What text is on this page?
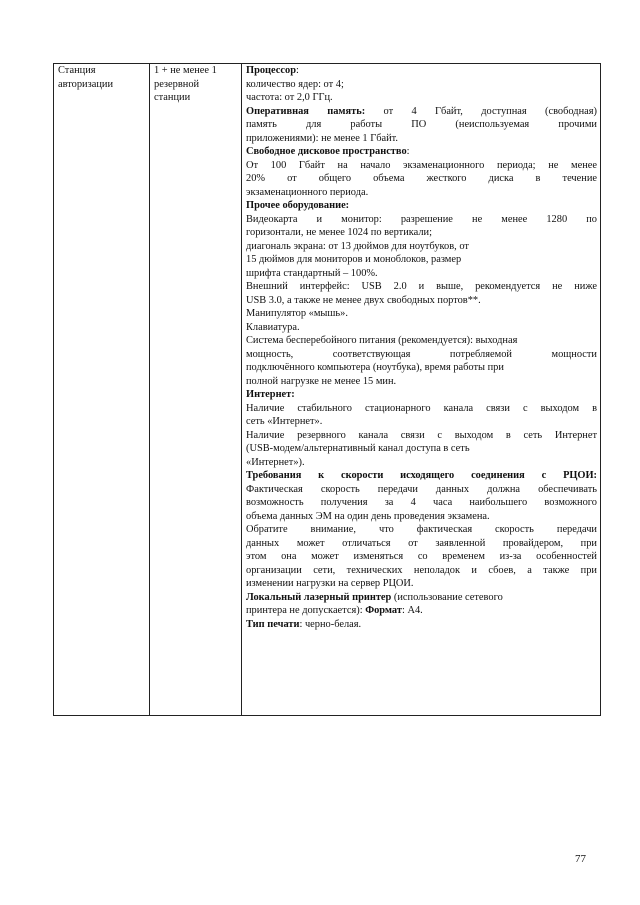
Станция
авторизации

1 + не менее 1
резервной
станции

Процессор:
количество ядер: от 4;
частота: от 2,0 ГГц.
Оперативная память: от 4 Гбайт, доступная (свободная)
память для работы ПО (неиспользуемая прочими
приложениями): не менее 1 Гбайт.
Свободное дисковое пространство:
От 100 Гбайт на начало экзаменационного периода; не менее
20% от общего объема жесткого диска в течение
экзаменационного периода.
Прочее оборудование:
Видеокарта и монитор: разрешение не менее 1280 по
горизонтали, не менее 1024 по вертикали;
диагональ экрана: от 13 дюймов для ноутбуков, от
15 дюймов для мониторов и моноблоков, размер
шрифта стандартный – 100%.
Внешний интерфейс: USB 2.0 и выше, рекомендуется не ниже
USB 3.0, а также не менее двух свободных портов**.
Манипулятор «мышь».
Клавиатура.
Система бесперебойного питания (рекомендуется): выходная
мощность, соответствующая потребляемой мощности
подключённого компьютера (ноутбука), время работы при
полной нагрузке не менее 15 мин.
Интернет:
Наличие стабильного стационарного канала связи с выходом в
сеть «Интернет».
Наличие резервного канала связи с выходом в сеть Интернет
(USB-модем/альтернативный канал доступа в сеть
«Интернет»).
Требования к скорости исходящего соединения с РЦОИ:
Фактическая скорость передачи данных должна обеспечивать
возможность получения за 4 часа наибольшего возможного
объема данных ЭМ на один день проведения экзамена.
Обратите внимание, что фактическая скорость передачи
данных может отличаться от заявленной провайдером, при
этом она может изменяться со временем из-за особенностей
организации сети, технических неполадок и сбоев, а также при
изменении нагрузки на сервер РЦОИ.
Локальный лазерный принтер (использование сетевого
принтера не допускается): Формат: А4.
Тип печати: черно-белая.
77
